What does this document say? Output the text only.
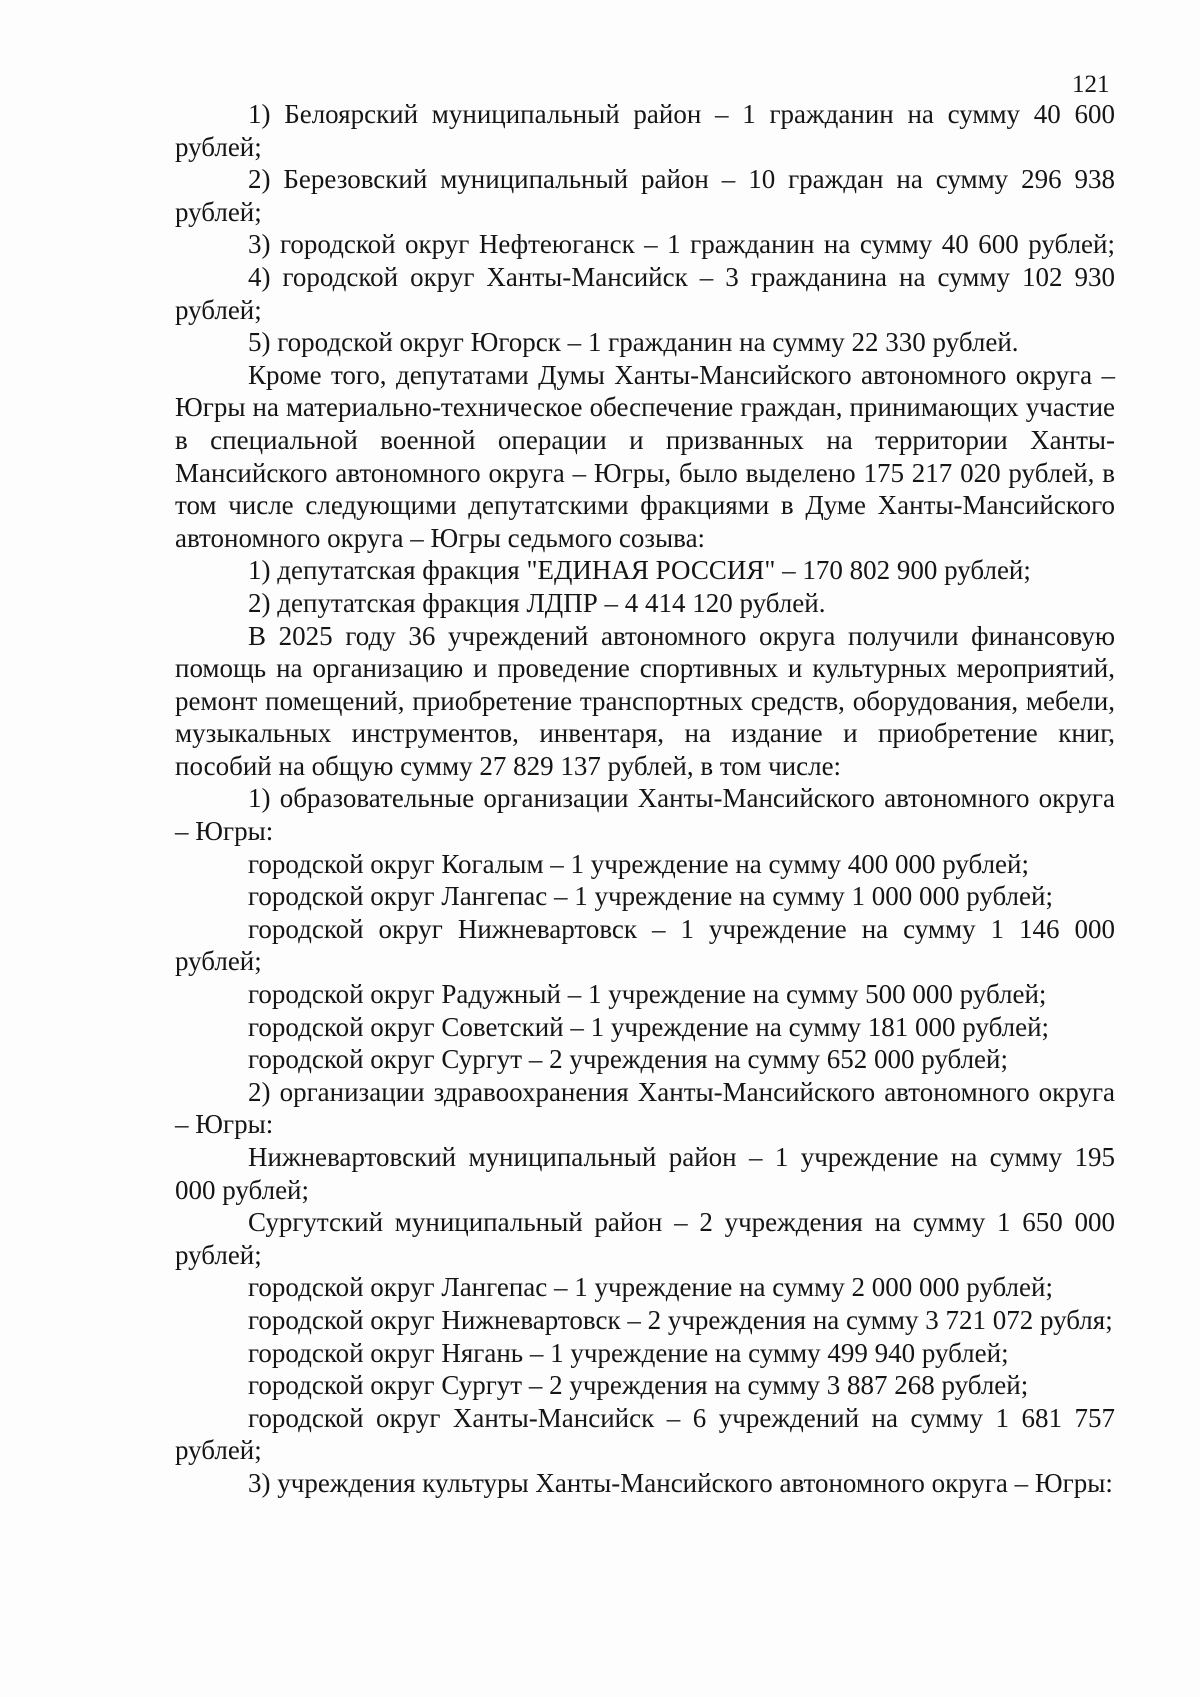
121

1) Белоярский муниципальный район – 1 гражданин на сумму 40 600 рублей;

2) Березовский муниципальный район – 10 граждан на сумму 296 938 рублей;

3) городской округ Нефтеюганск – 1 гражданин на сумму 40 600 рублей;

4) городской округ Ханты-Мансийск – 3 гражданина на сумму 102 930 рублей;

5) городской округ Югорск – 1 гражданин на сумму 22 330 рублей.

Кроме того, депутатами Думы Ханты-Мансийского автономного округа – Югры на материально-техническое обеспечение граждан, принимающих участие в специальной военной операции и призванных на территории Ханты-Мансийского автономного округа – Югры, было выделено 175 217 020 рублей, в том числе следующими депутатскими фракциями в Думе Ханты-Мансийского автономного округа – Югры седьмого созыва:

1) депутатская фракция "ЕДИНАЯ РОССИЯ" – 170 802 900 рублей;

2) депутатская фракция ЛДПР – 4 414 120 рублей.

В 2025 году 36 учреждений автономного округа получили финансовую помощь на организацию и проведение спортивных и культурных мероприятий, ремонт помещений, приобретение транспортных средств, оборудования, мебели, музыкальных инструментов, инвентаря, на издание и приобретение книг, пособий на общую сумму 27 829 137 рублей, в том числе:

1) образовательные организации Ханты-Мансийского автономного округа – Югры:

городской округ Когалым – 1 учреждение на сумму 400 000 рублей;

городской округ Лангепас – 1 учреждение на сумму 1 000 000 рублей;

городской округ Нижневартовск – 1 учреждение на сумму 1 146 000 рублей;

городской округ Радужный – 1 учреждение на сумму 500 000 рублей;

городской округ Советский – 1 учреждение на сумму 181 000 рублей;

городской округ Сургут – 2 учреждения на сумму 652 000 рублей;

2) организации здравоохранения Ханты-Мансийского автономного округа – Югры:

Нижневартовский муниципальный район – 1 учреждение на сумму 195 000 рублей;

Сургутский муниципальный район – 2 учреждения на сумму 1 650 000 рублей;

городской округ Лангепас – 1 учреждение на сумму 2 000 000 рублей;

городской округ Нижневартовск – 2 учреждения на сумму 3 721 072 рубля;

городской округ Нягань – 1 учреждение на сумму 499 940 рублей;

городской округ Сургут – 2 учреждения на сумму 3 887 268 рублей;

городской округ Ханты-Мансийск – 6 учреждений на сумму 1 681 757 рублей;

3) учреждения культуры Ханты-Мансийского автономного округа – Югры:
